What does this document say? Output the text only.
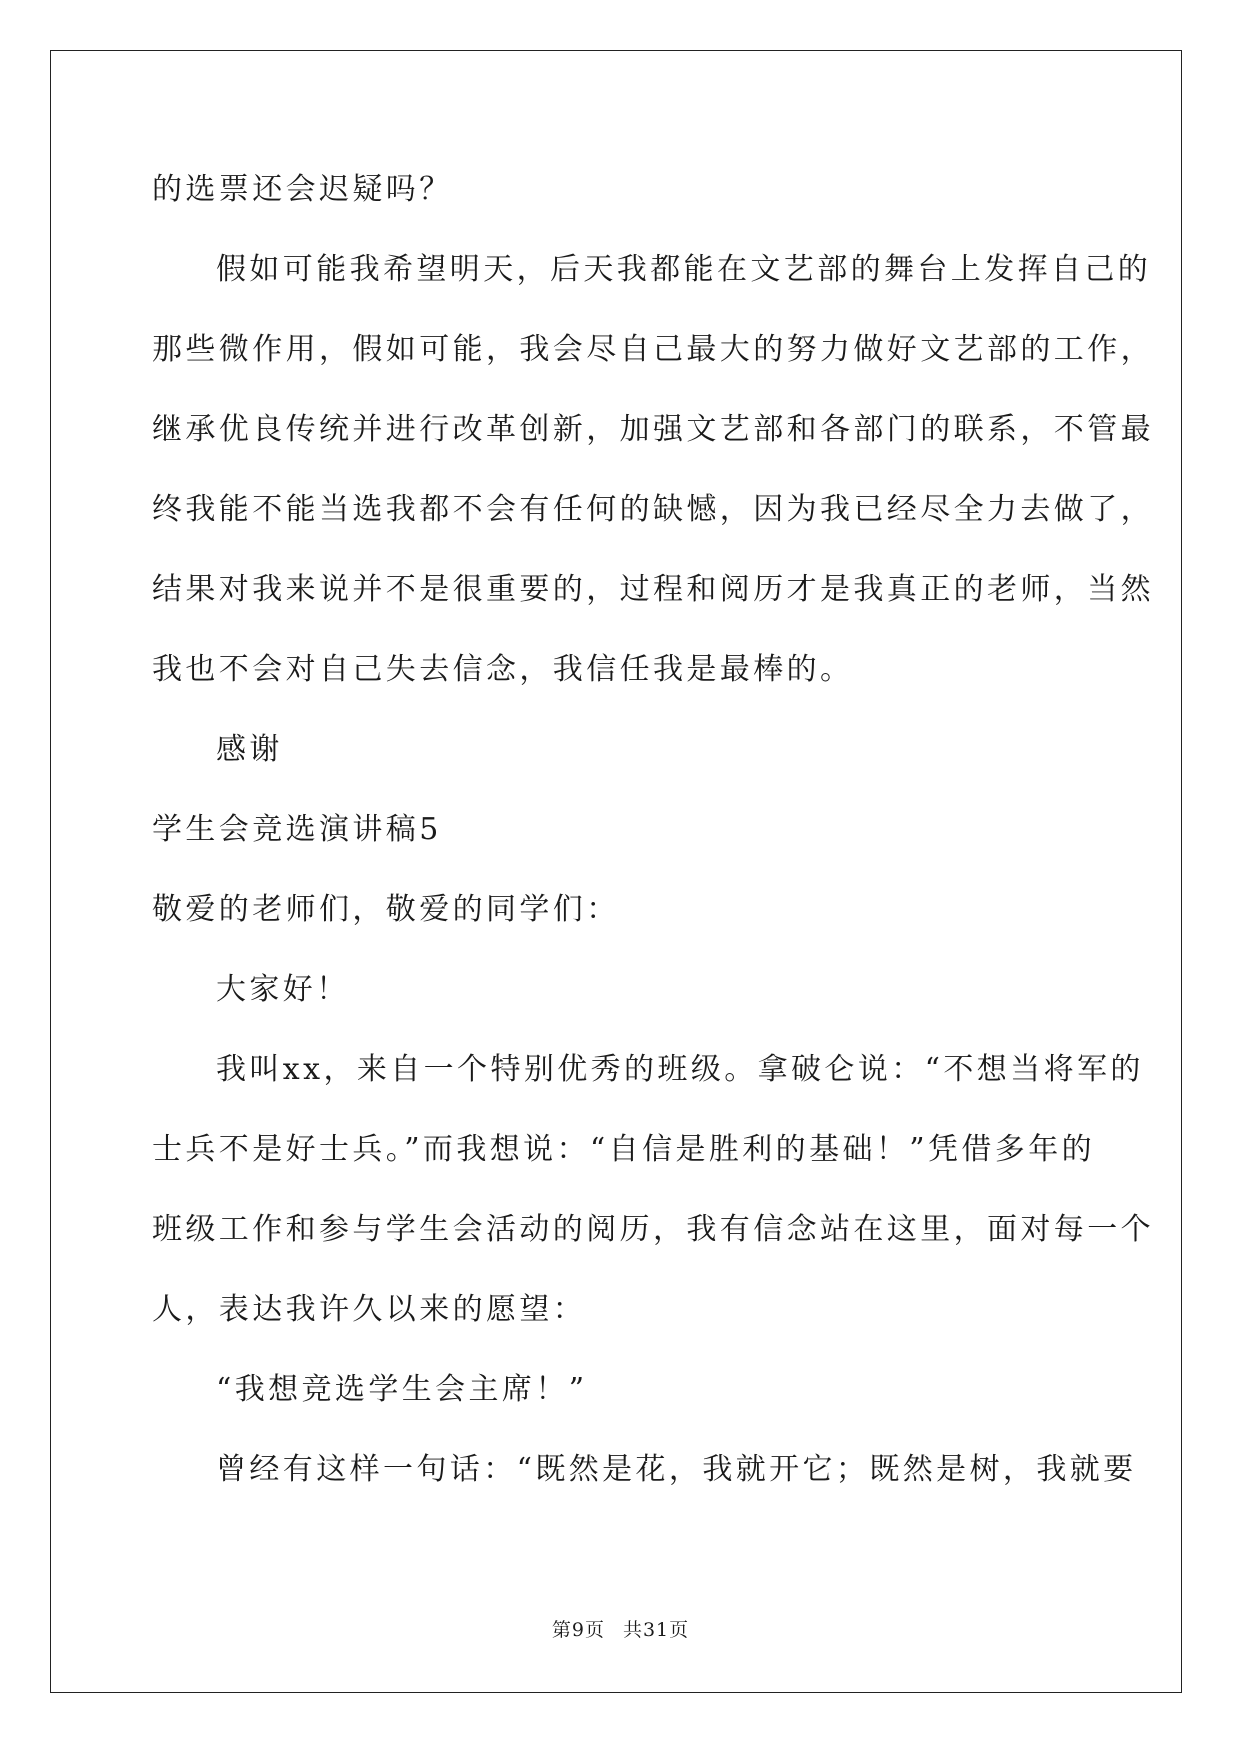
的选票还会迟疑吗？

假如可能我希望明天，后天我都能在文艺部的舞台上发挥自己的

那些微作用，假如可能，我会尽自己最大的努力做好文艺部的工作，

继承优良传统并进行改革创新，加强文艺部和各部门的联系，不管最

终我能不能当选我都不会有任何的缺憾，因为我已经尽全力去做了，

结果对我来说并不是很重要的，过程和阅历才是我真正的老师，当然

我也不会对自己失去信念，我信任我是最棒的。

感谢

学生会竞选演讲稿5

敬爱的老师们，敬爱的同学们：

大家好！

我叫xx，来自一个特别优秀的班级。拿破仑说：“不想当将军的

士兵不是好士兵。”而我想说：“自信是胜利的基础！”凭借多年的

班级工作和参与学生会活动的阅历，我有信念站在这里，面对每一个

人，表达我许久以来的愿望：

“我想竞选学生会主席！”

曾经有这样一句话：“既然是花，我就开它；既然是树，我就要

第9页 共31页
